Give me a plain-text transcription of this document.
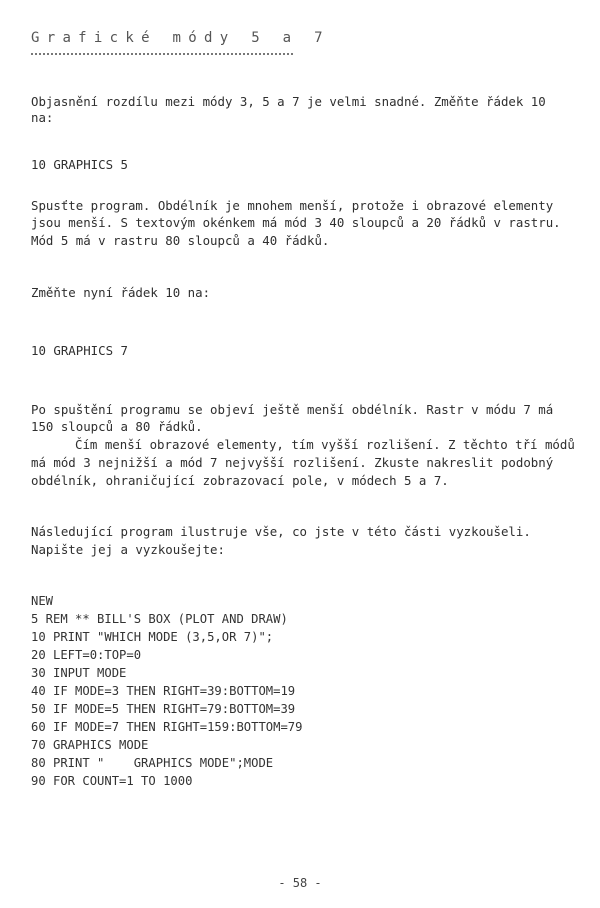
Grafické módy 5 a 7
Objasnění rozdílu mezi módy 3, 5 a 7 je velmi snadné. Změňte řádek 10
na:
10 GRAPHICS 5
Spusťte program. Obdélník je mnohem menší, protože i obrazové elementy
jsou menší. S textovým okénkem má mód 3 40 sloupců a 20 řádků v rastru.
Mód 5 má v rastru 80 sloupců a 40 řádků.
Změňte nyní řádek 10 na:
10 GRAPHICS 7
Po spuštění programu se objeví ještě menší obdélník. Rastr v módu 7 má
150 sloupců a 80 řádků.
Čím menší obrazové elementy, tím vyšší rozlišení. Z těchto tří módů
má mód 3 nejnižší a mód 7 nejvyšší rozlišení. Zkuste nakreslit podobný
obdélník, ohraničující zobrazovací pole, v módech 5 a 7.
Následující program ilustruje vše, co jste v této části vyzkoušeli.
Napište jej a vyzkoušejte:
NEW
5 REM ** BILL'S BOX (PLOT AND DRAW)
10 PRINT "WHICH MODE (3,5,OR 7)";
20 LEFT=0:TOP=0
30 INPUT MODE
40 IF MODE=3 THEN RIGHT=39:BOTTOM=19
50 IF MODE=5 THEN RIGHT=79:BOTTOM=39
60 IF MODE=7 THEN RIGHT=159:BOTTOM=79
70 GRAPHICS MODE
80 PRINT "    GRAPHICS MODE";MODE
90 FOR COUNT=1 TO 1000
- 58 -
